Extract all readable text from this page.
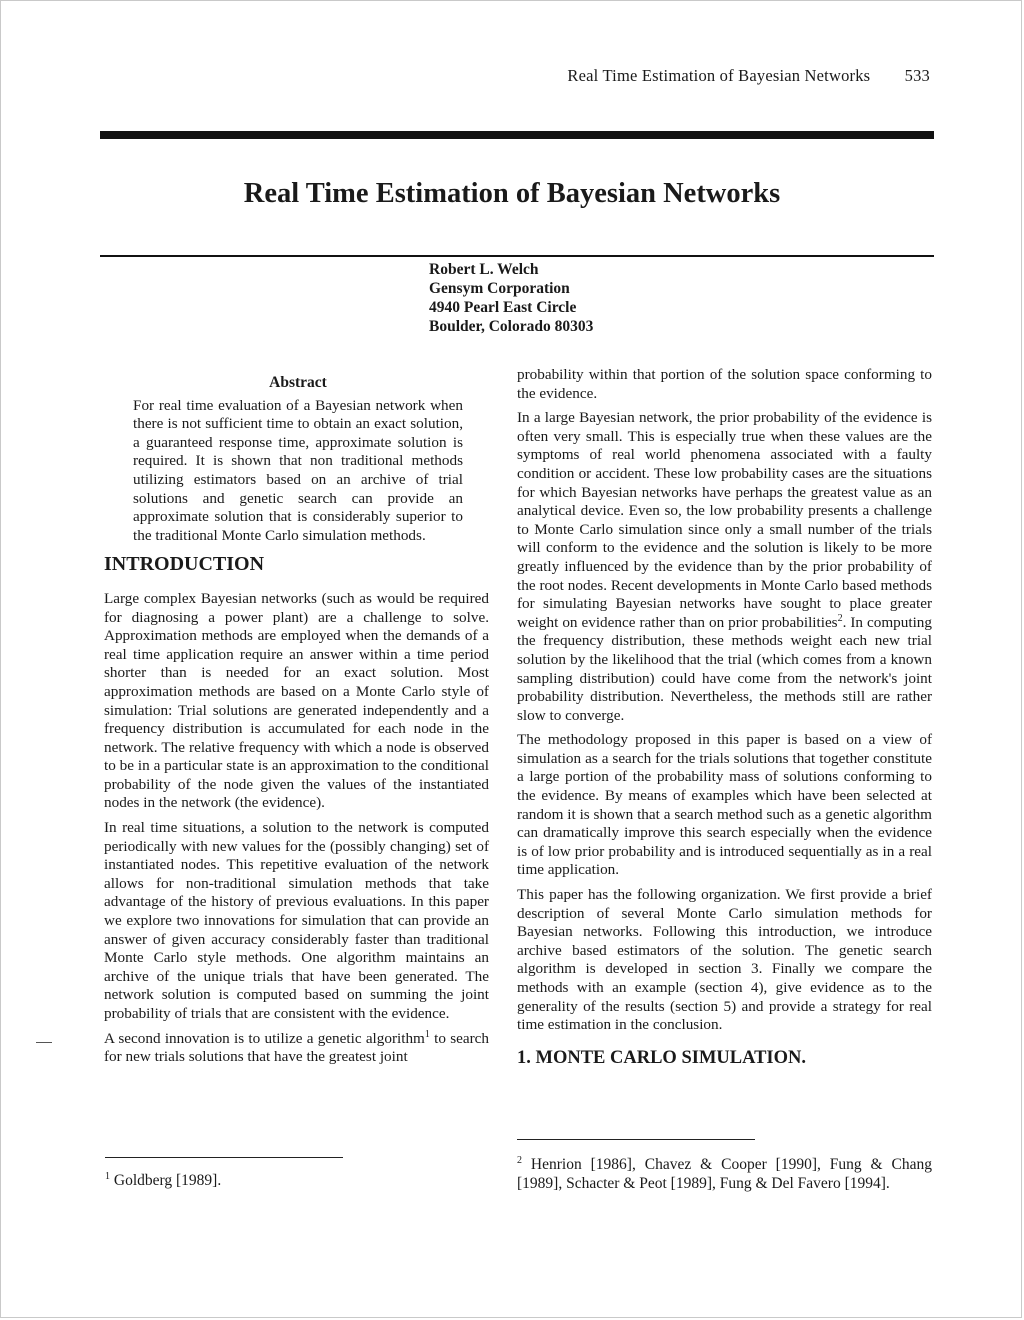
Real Time Estimation of Bayesian Networks 533
Real Time Estimation of Bayesian Networks
Robert L. Welch
Gensym Corporation
4940 Pearl East Circle
Boulder, Colorado 80303
Abstract

For real time evaluation of a Bayesian network when there is not sufficient time to obtain an exact solution, a guaranteed response time, approximate solution is required. It is shown that non traditional methods utilizing estimators based on an archive of trial solutions and genetic search can provide an approximate solution that is considerably superior to the traditional Monte Carlo simulation methods.

INTRODUCTION

Large complex Bayesian networks (such as would be required for diagnosing a power plant) are a challenge to solve. Approximation methods are employed when the demands of a real time application require an answer within a time period shorter than is needed for an exact solution. Most approximation methods are based on a Monte Carlo style of simulation: Trial solutions are generated independently and a frequency distribution is accumulated for each node in the network. The relative frequency with which a node is observed to be in a particular state is an approximation to the conditional probability of the node given the values of the instantiated nodes in the network (the evidence).

In real time situations, a solution to the network is computed periodically with new values for the (possibly changing) set of instantiated nodes. This repetitive evaluation of the network allows for non-traditional simulation methods that take advantage of the history of previous evaluations. In this paper we explore two innovations for simulation that can provide an answer of given accuracy considerably faster than traditional Monte Carlo style methods. One algorithm maintains an archive of the unique trials that have been generated. The network solution is computed based on summing the joint probability of trials that are consistent with the evidence.

A second innovation is to utilize a genetic algorithm$^1$ to search for new trials solutions that have the greatest joint

probability within that portion of the solution space conforming to the evidence.

In a large Bayesian network, the prior probability of the evidence is often very small. This is especially true when these values are the symptoms of real world phenomena associated with a faulty condition or accident. These low probability cases are the situations for which Bayesian networks have perhaps the greatest value as an analytical device. Even so, the low probability presents a challenge to Monte Carlo simulation since only a small number of the trials will conform to the evidence and the solution is likely to be more greatly influenced by the evidence than by the prior probability of the root nodes. Recent developments in Monte Carlo based methods for simulating Bayesian networks have sought to place greater weight on evidence rather than on prior probabilities$^2$. In computing the frequency distribution, these methods weight each new trial solution by the likelihood that the trial (which comes from a known sampling distribution) could have come from the network's joint probability distribution. Nevertheless, the methods still are rather slow to converge.

The methodology proposed in this paper is based on a view of simulation as a search for the trials solutions that together constitute a large portion of the probability mass of solutions conforming to the evidence. By means of examples which have been selected at random it is shown that a search method such as a genetic algorithm can dramatically improve this search especially when the evidence is of low prior probability and is introduced sequentially as in a real time application.

This paper has the following organization. We first provide a brief description of several Monte Carlo simulation methods for Bayesian networks. Following this introduction, we introduce archive based estimators of the solution. The genetic search algorithm is developed in section 3. Finally we compare the methods with an example (section 4), give evidence as to the generality of the results (section 5) and provide a strategy for real time estimation in the conclusion.

1. MONTE CARLO SIMULATION.
$^1$ Goldberg [1989].
$^2$ Henrion [1986], Chavez & Cooper [1990], Fung & Chang [1989], Schacter & Peot [1989], Fung & Del Favero [1994].
